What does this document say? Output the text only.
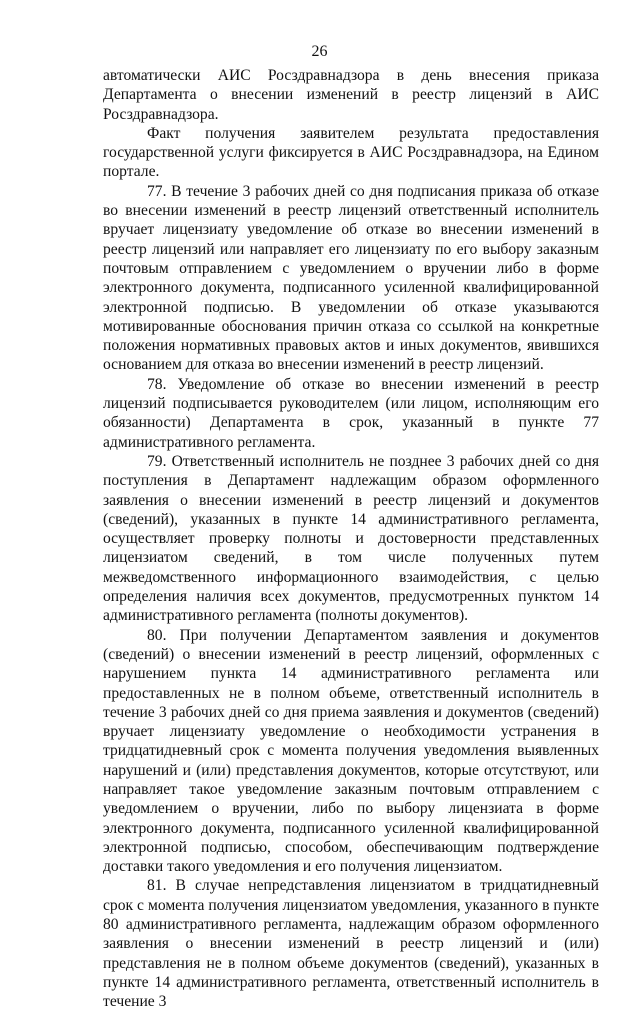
26

автоматически АИС Росздравнадзора в день внесения приказа Департамента о внесении изменений в реестр лицензий в АИС Росздравнадзора.

Факт получения заявителем результата предоставления государственной услуги фиксируется в АИС Росздравнадзора, на Едином портале.

77. В течение 3 рабочих дней со дня подписания приказа об отказе во внесении изменений в реестр лицензий ответственный исполнитель вручает лицензиату уведомление об отказе во внесении изменений в реестр лицензий или направляет его лицензиату по его выбору заказным почтовым отправлением с уведомлением о вручении либо в форме электронного документа, подписанного усиленной квалифицированной электронной подписью. В уведомлении об отказе указываются мотивированные обоснования причин отказа со ссылкой на конкретные положения нормативных правовых актов и иных документов, явившихся основанием для отказа во внесении изменений в реестр лицензий.

78. Уведомление об отказе во внесении изменений в реестр лицензий подписывается руководителем (или лицом, исполняющим его обязанности) Департамента в срок, указанный в пункте 77 административного регламента.

79. Ответственный исполнитель не позднее 3 рабочих дней со дня поступления в Департамент надлежащим образом оформленного заявления о внесении изменений в реестр лицензий и документов (сведений), указанных в пункте 14 административного регламента, осуществляет проверку полноты и достоверности представленных лицензиатом сведений, в том числе полученных путем межведомственного информационного взаимодействия, с целью определения наличия всех документов, предусмотренных пунктом 14 административного регламента (полноты документов).

80. При получении Департаментом заявления и документов (сведений) о внесении изменений в реестр лицензий, оформленных с нарушением пункта 14 административного регламента или предоставленных не в полном объеме, ответственный исполнитель в течение 3 рабочих дней со дня приема заявления и документов (сведений) вручает лицензиату уведомление о необходимости устранения в тридцатидневный срок с момента получения уведомления выявленных нарушений и (или) представления документов, которые отсутствуют, или направляет такое уведомление заказным почтовым отправлением с уведомлением о вручении, либо по выбору лицензиата в форме электронного документа, подписанного усиленной квалифицированной электронной подписью, способом, обеспечивающим подтверждение доставки такого уведомления и его получения лицензиатом.

81. В случае непредставления лицензиатом в тридцатидневный срок с момента получения лицензиатом уведомления, указанного в пункте 80 административного регламента, надлежащим образом оформленного заявления о внесении изменений в реестр лицензий и (или) представления не в полном объеме документов (сведений), указанных в пункте 14 административного регламента, ответственный исполнитель в течение 3
